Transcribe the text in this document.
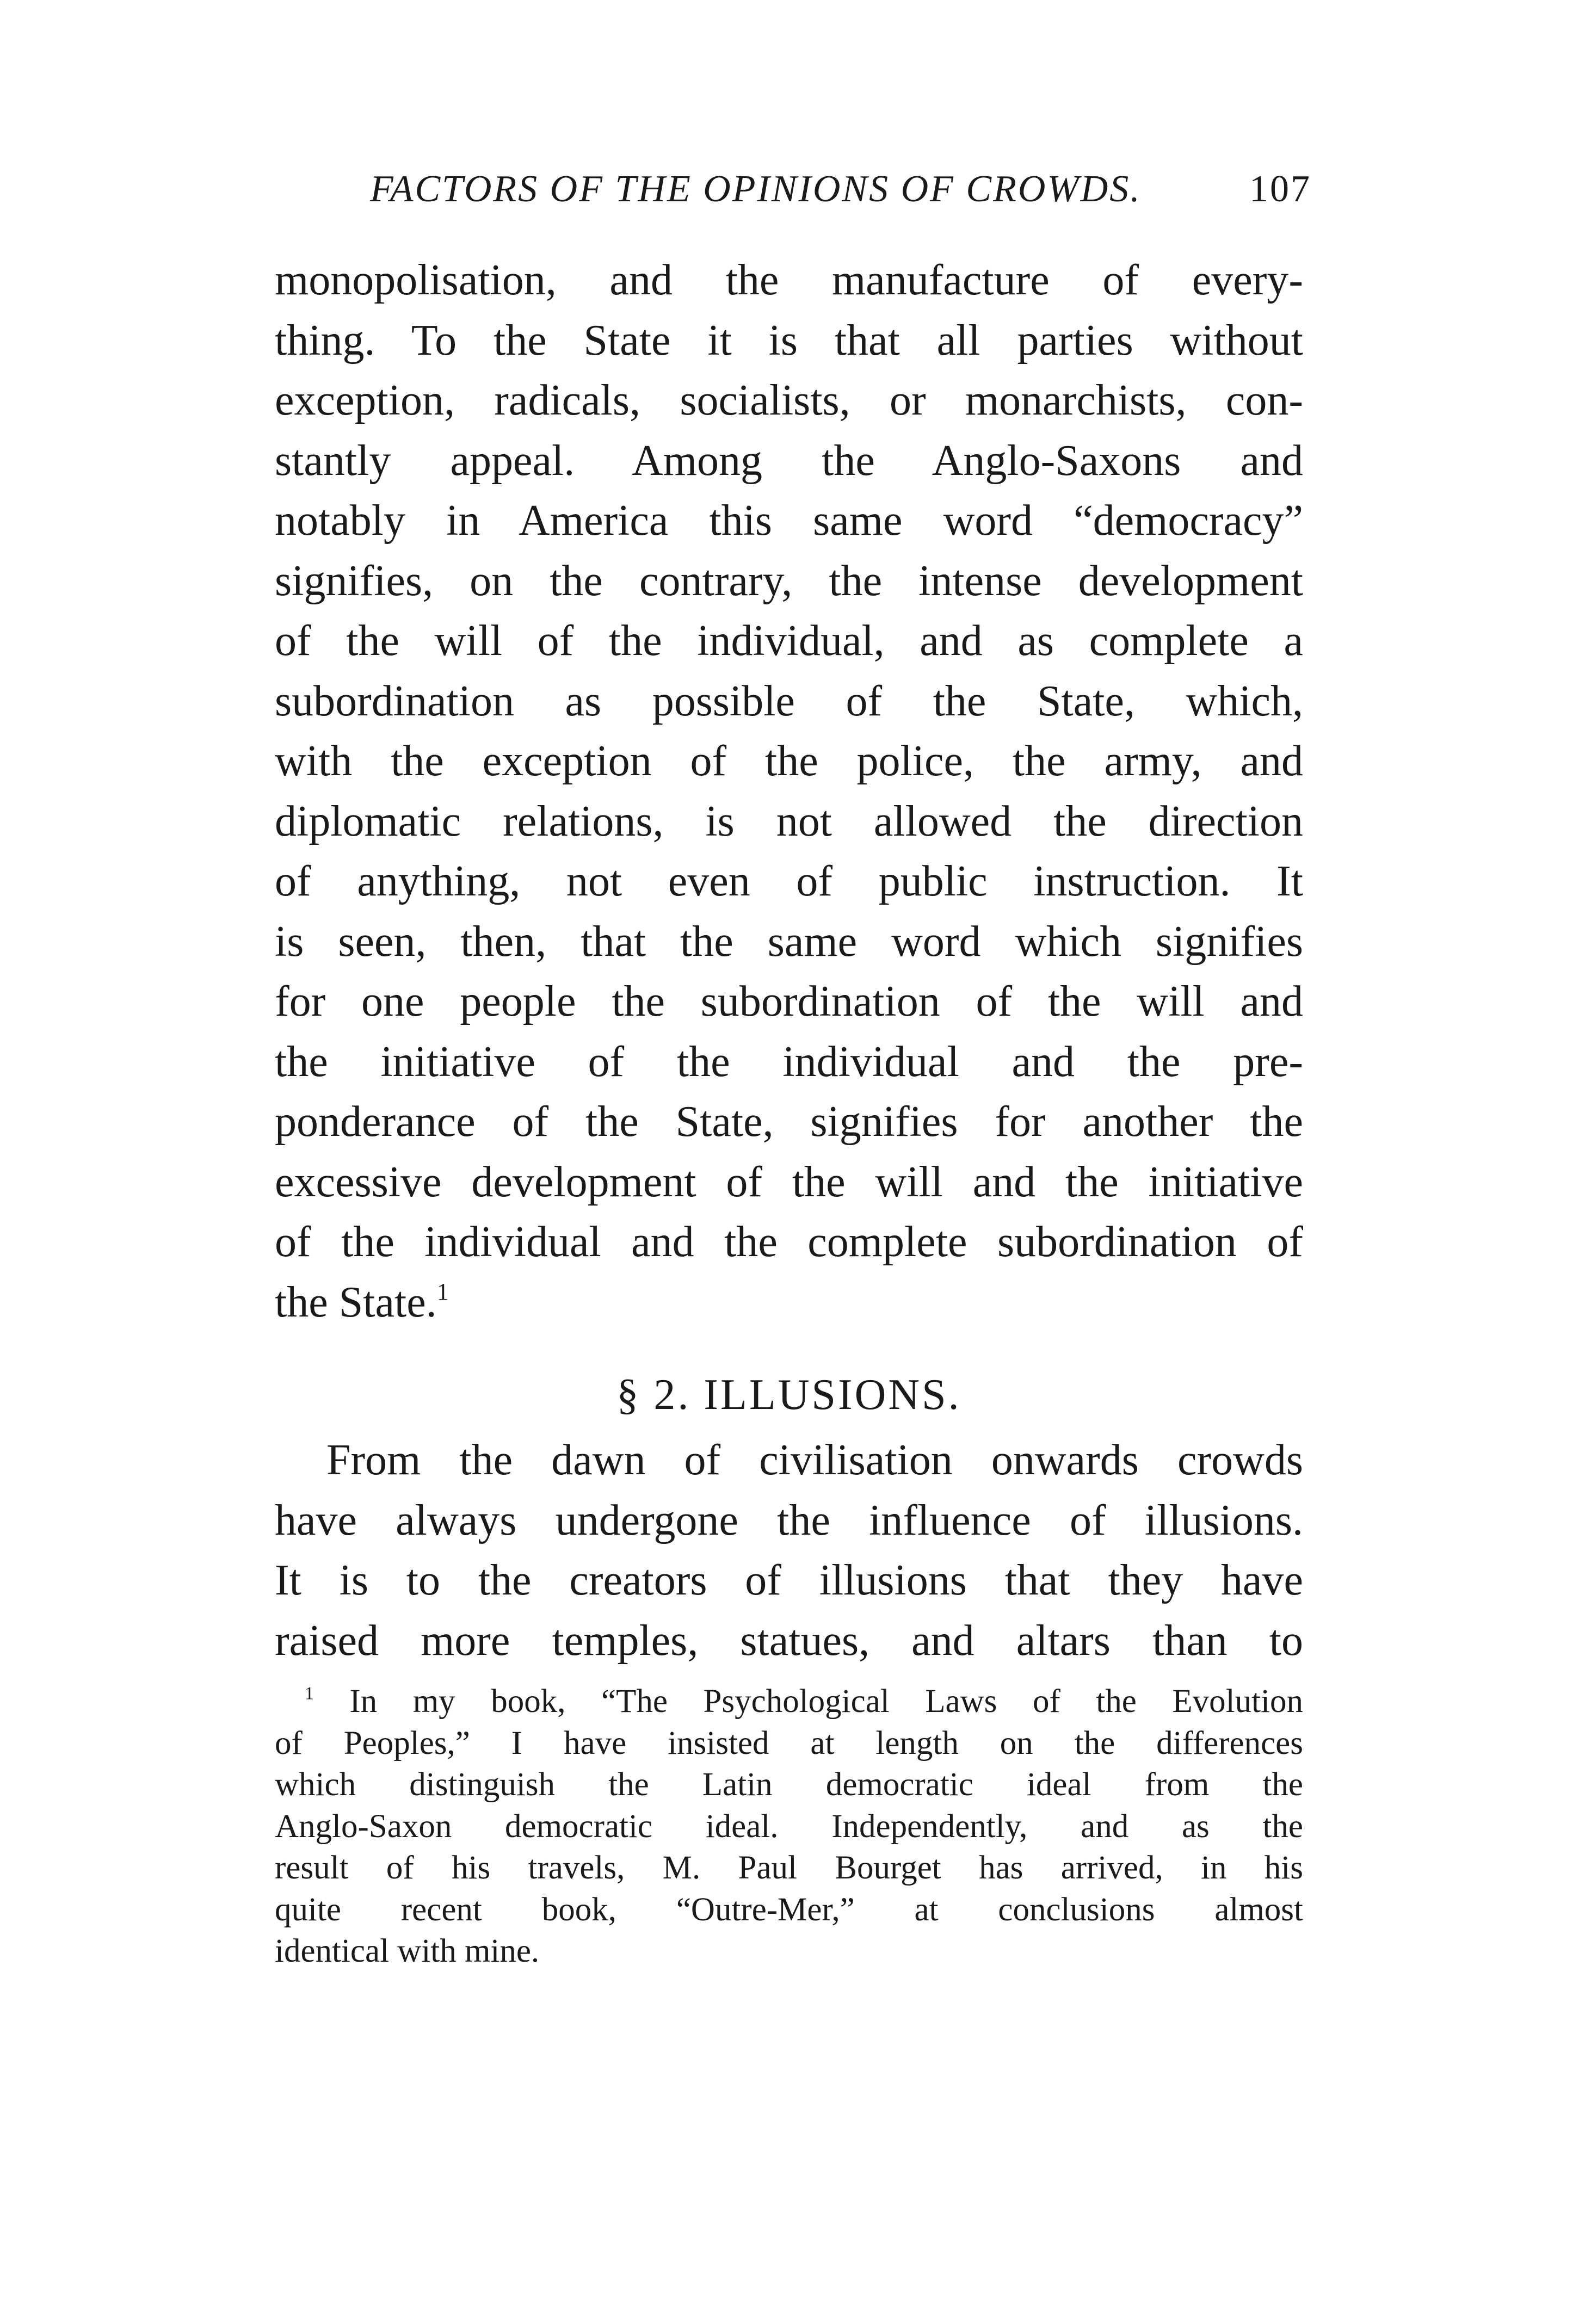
FACTORS OF THE OPINIONS OF CROWDS.	107
monopolisation, and the manufacture of every-
thing. To the State it is that all parties without
exception, radicals, socialists, or monarchists, con-
stantly appeal. Among the Anglo-Saxons and
notably in America this same word “democracy”
signifies, on the contrary, the intense development
of the will of the individual, and as complete a
subordination as possible of the State, which,
with the exception of the police, the army, and
diplomatic relations, is not allowed the direction
of anything, not even of public instruction. It
is seen, then, that the same word which signifies
for one people the subordination of the will and
the initiative of the individual and the pre-
ponderance of the State, signifies for another the
excessive development of the will and the initiative
of the individual and the complete subordination of
the State.$^1$
§ 2. ILLUSIONS.
From the dawn of civilisation onwards crowds
have always undergone the influence of illusions.
It is to the creators of illusions that they have
raised more temples, statues, and altars than to
$^1$ In my book, “The Psychological Laws of the Evolution
of Peoples,” I have insisted at length on the differences
which distinguish the Latin democratic ideal from the
Anglo-Saxon democratic ideal. Independently, and as the
result of his travels, M. Paul Bourget has arrived, in his
quite recent book, “Outre-Mer,” at conclusions almost
identical with mine.
